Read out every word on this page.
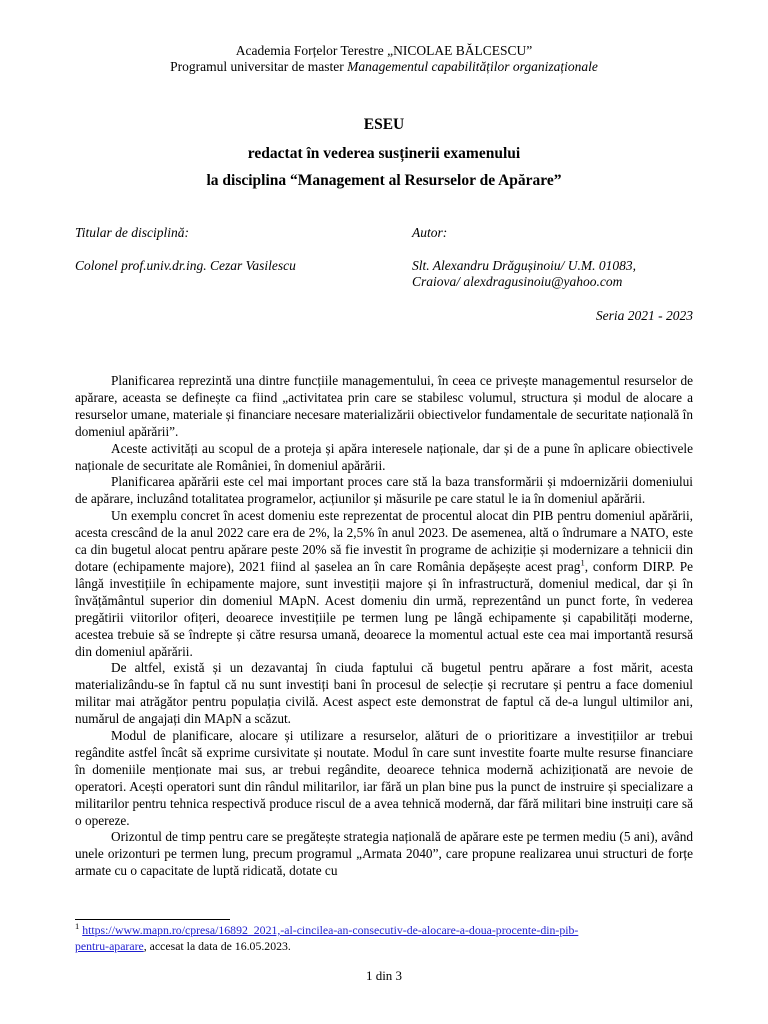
Academia Forțelor Terestre „NICOLAE BĂLCESCU”
Programul universitar de master Managementul capabilităților organizaționale
ESEU
redactat în vederea susținerii examenului
la disciplina “Management al Resurselor de Apărare”
Titular de disciplină:	Autor:
Colonel prof.univ.dr.ing. Cezar Vasilescu	Slt. Alexandru Drăgușinoiu/ U.M. 01083,
Craiova/ alexdragusinoiu@yahoo.com
Seria 2021 - 2023

Planificarea reprezintă una dintre funcțiile managementului, în ceea ce privește managementul resurselor de apărare, aceasta se definește ca fiind „activitatea prin care se stabilesc volumul, structura și modul de alocare a resurselor umane, materiale și financiare necesare materializării obiectivelor fundamentale de securitate națională în domeniul apărării”.

Aceste activități au scopul de a proteja și apăra interesele naționale, dar și de a pune în aplicare obiectivele naționale de securitate ale României, în domeniul apărării.

Planificarea apărării este cel mai important proces care stă la baza transformării și mdoernizării domeniului de apărare, incluzând totalitatea programelor, acțiunilor și măsurile pe care statul le ia în domeniul apărării.

Un exemplu concret în acest domeniu este reprezentat de procentul alocat din PIB pentru domeniul apărării, acesta crescând de la anul 2022 care era de 2%, la 2,5% în anul 2023. De asemenea, altă o îndrumare a NATO, este ca din bugetul alocat pentru apărare peste 20% să fie investit în programe de achiziție și modernizare a tehnicii din dotare (echipamente majore), 2021 fiind al șaselea an în care România depășește acest prag$^1$, conform DIRP. Pe lângă investițiile în echipamente majore, sunt investiții majore și în infrastructură, domeniul medical, dar și în învățământul superior din domeniul MApN. Acest domeniu din urmă, reprezentând un punct forte, în vederea pregătirii viitorilor ofițeri, deoarece investițiile pe termen lung pe lângă echipamente și capabilități moderne, acestea trebuie să se îndrepte și către resursa umană, deoarece la momentul actual este cea mai importantă resursă din domeniul apărării.

De altfel, există și un dezavantaj în ciuda faptului că bugetul pentru apărare a fost mărit, acesta materializându-se în faptul că nu sunt investiți bani în procesul de selecție și recrutare și pentru a face domeniul militar mai atrăgător pentru populația civilă. Acest aspect este demonstrat de faptul că de-a lungul ultimilor ani, numărul de angajați din MApN a scăzut.

Modul de planificare, alocare și utilizare a resurselor, alături de o prioritizare a investițiilor ar trebui regândite astfel încât să exprime cursivitate și noutate. Modul în care sunt investite foarte multe resurse financiare în domeniile menționate mai sus, ar trebui regândite, deoarece tehnica modernă achiziționată are nevoie de operatori. Acești operatori sunt din rândul militarilor, iar fără un plan bine pus la punct de instruire și specializare a militarilor pentru tehnica respectivă produce riscul de a avea tehnică modernă, dar fără militari bine instruiți care să o opereze.

Orizontul de timp pentru care se pregătește strategia națională de apărare este pe termen mediu (5 ani), având unele orizonturi pe termen lung, precum programul „Armata 2040”, care propune realizarea unui structuri de forțe armate cu o capacitate de luptă ridicată, dotate cu

$^1$ https://www.mapn.ro/cpresa/16892_2021,-al-cincilea-an-consecutiv-de-alocare-a-doua-procente-din-pib-
pentru-aparare, accesat la data de 16.05.2023.
1 din 3
